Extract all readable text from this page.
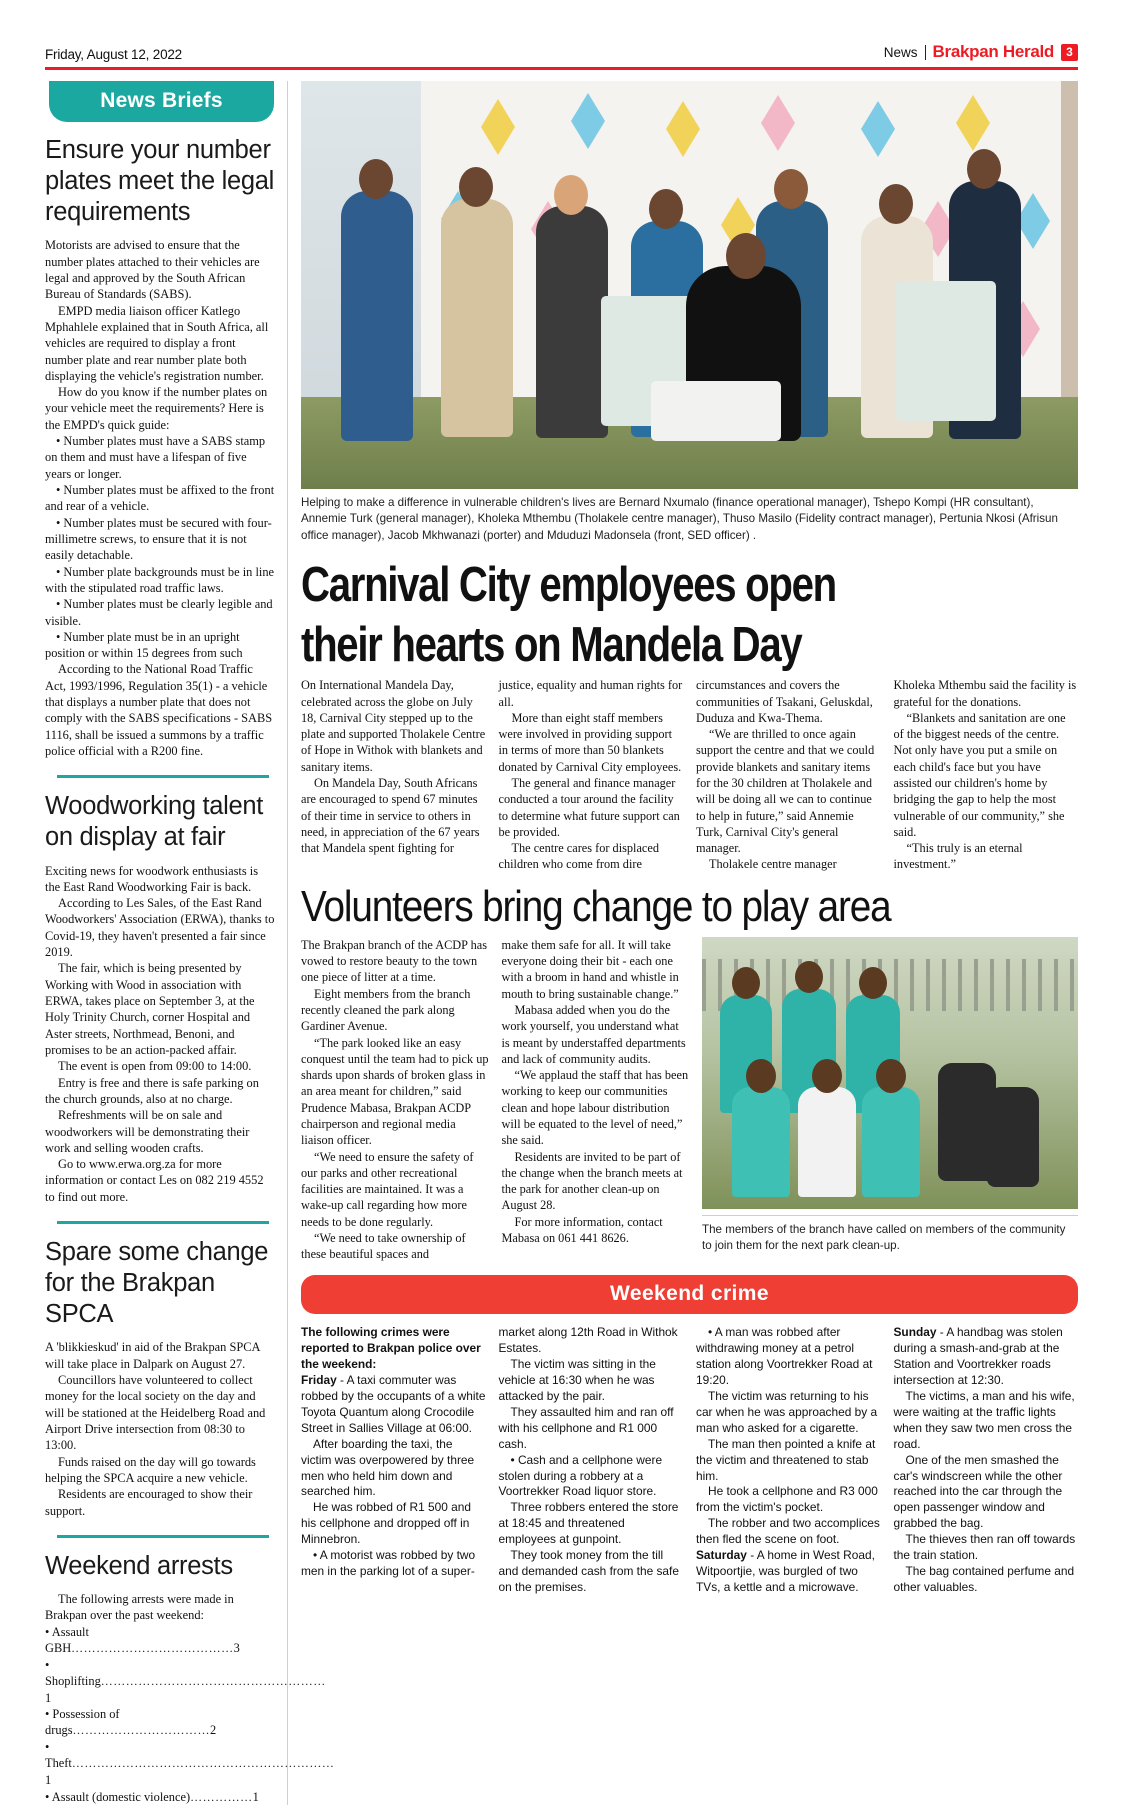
Friday, August 12, 2022	News Brakpan Herald	3
News Briefs
Ensure your number plates meet the legal requirements

Motorists are advised to ensure that the number plates attached to their vehicles are legal and approved by the South African Bureau of Standards (SABS).

EMPD media liaison officer Katlego Mphahlele explained that in South Africa, all vehicles are required to display a front number plate and rear number plate both displaying the vehicle's registration number.

How do you know if the number plates on your vehicle meet the requirements? Here is the EMPD's quick guide:

• Number plates must have a SABS stamp on them and must have a lifespan of five years or longer.

• Number plates must be affixed to the front and rear of a vehicle.

• Number plates must be secured with four-millimetre screws, to ensure that it is not easily detachable.

• Number plate backgrounds must be in line with the stipulated road traffic laws.

• Number plates must be clearly legible and visible.

• Number plate must be in an upright position or within 15 degrees from such

According to the National Road Traffic Act, 1993/1996, Regulation 35(1) - a vehicle that displays a number plate that does not comply with the SABS specifications - SABS 1116, shall be issued a summons by a traffic police official with a R200 fine.

Woodworking talent on display at fair

Exciting news for woodwork enthusiasts is the East Rand Woodworking Fair is back.

According to Les Sales, of the East Rand Woodworkers' Association (ERWA), thanks to Covid-19, they haven't presented a fair since 2019.

The fair, which is being presented by Working with Wood in association with ERWA, takes place on September 3, at the Holy Trinity Church, corner Hospital and Aster streets, Northmead, Benoni, and promises to be an action-packed affair.

The event is open from 09:00 to 14:00.

Entry is free and there is safe parking on the church grounds, also at no charge.

Refreshments will be on sale and woodworkers will be demonstrating their work and selling wooden crafts.

Go to www.erwa.org.za for more information or contact Les on 082 219 4552 to find out more.

Spare some change for the Brakpan SPCA

A 'blikkieskud' in aid of the Brakpan SPCA will take place in Dalpark on August 27.

Councillors have volunteered to collect money for the local society on the day and will be stationed at the Heidelberg Road and Airport Drive intersection from 08:30 to 13:00.

Funds raised on the day will go towards helping the SPCA acquire a new vehicle.

Residents are encouraged to show their support.

Weekend arrests

The following arrests were made in Brakpan over the past weekend:

• Assault GBH…………………………………3

• Shoplifting………………………………………………1

• Possession of drugs……………………………2

• Theft………………………………………………………1

• Assault (domestic violence)……………1

Helping to make a difference in vulnerable children's lives are Bernard Nxumalo (finance operational manager), Tshepo Kompi (HR consultant), Annemie Turk (general manager), Kholeka Mthembu (Tholakele centre manager), Thuso Masilo (Fidelity contract manager), Pertunia Nkosi (Afrisun office manager), Jacob Mkhwanazi (porter) and Mduduzi Madonsela (front, SED officer) .
Carnival City employees open
their hearts on Mandela Day

On International Mandela Day, celebrated across the globe on July 18, Carnival City stepped up to the plate and supported Tholakele Centre of Hope in Withok with blankets and sanitary items.

On Mandela Day, South Africans are encouraged to spend 67 minutes of their time in service to others in need, in appreciation of the 67 years that Mandela spent fighting for

justice, equality and human rights for all.

More than eight staff members were involved in providing support in terms of more than 50 blankets donated by Carnival City employees.

The general and finance manager conducted a tour around the facility to determine what future support can be provided.

The centre cares for displaced children who come from dire

circumstances and covers the communities of Tsakani, Geluskdal, Duduza and Kwa-Thema.

“We are thrilled to once again support the centre and that we could provide blankets and sanitary items for the 30 children at Tholakele and will be doing all we can to continue to help in future,” said Annemie Turk, Carnival City's general manager.

Tholakele centre manager

Kholeka Mthembu said the facility is grateful for the donations.

“Blankets and sanitation are one of the biggest needs of the centre. Not only have you put a smile on each child's face but you have assisted our children's home by bridging the gap to help the most vulnerable of our community,” she said.

“This truly is an eternal investment.”

Volunteers bring change to play area

The Brakpan branch of the ACDP has vowed to restore beauty to the town one piece of litter at a time.

Eight members from the branch recently cleaned the park along Gardiner Avenue.

“The park looked like an easy conquest until the team had to pick up shards upon shards of broken glass in an area meant for children,” said Prudence Mabasa, Brakpan ACDP chairperson and regional media liaison officer.

“We need to ensure the safety of our parks and other recreational facilities are maintained. It was a wake-up call regarding how more needs to be done regularly.

“We need to take ownership of these beautiful spaces and

make them safe for all. It will take everyone doing their bit - each one with a broom in hand and whistle in mouth to bring sustainable change.”

Mabasa added when you do the work yourself, you understand what is meant by understaffed departments and lack of community audits.

“We applaud the staff that has been working to keep our communities clean and hope labour distribution will be equated to the level of need,” she said.

Residents are invited to be part of the change when the branch meets at the park for another clean-up on August 28.

For more information, contact Mabasa on 061 441 8626.

The members of the branch have called on members of the community to join them for the next park clean-up.
Weekend crime

The following crimes were reported to Brakpan police over the weekend:

Friday - A taxi commuter was robbed by the occupants of a white Toyota Quantum along Crocodile Street in Sallies Village at 06:00.

After boarding the taxi, the victim was overpowered by three men who held him down and searched him.

He was robbed of R1 500 and his cellphone and dropped off in Minnebron.

• A motorist was robbed by two men in the parking lot of a super-

market along 12th Road in Withok Estates.

The victim was sitting in the vehicle at 16:30 when he was attacked by the pair.

They assaulted him and ran off with his cellphone and R1 000 cash.

• Cash and a cellphone were stolen during a robbery at a Voortrekker Road liquor store.

Three robbers entered the store at 18:45 and threatened employees at gunpoint.

They took money from the till and demanded cash from the safe on the premises.

• A man was robbed after withdrawing money at a petrol station along Voortrekker Road at 19:20.

The victim was returning to his car when he was approached by a man who asked for a cigarette.

The man then pointed a knife at the victim and threatened to stab him.

He took a cellphone and R3 000 from the victim's pocket.

The robber and two accomplices then fled the scene on foot.

Saturday - A home in West Road, Witpoortjie, was burgled of two TVs, a kettle and a microwave.

Sunday - A handbag was stolen during a smash-and-grab at the Station and Voortrekker roads intersection at 12:30.

The victims, a man and his wife, were waiting at the traffic lights when they saw two men cross the road.

One of the men smashed the car's windscreen while the other reached into the car through the open passenger window and grabbed the bag.

The thieves then ran off towards the train station.

The bag contained perfume and other valuables.
